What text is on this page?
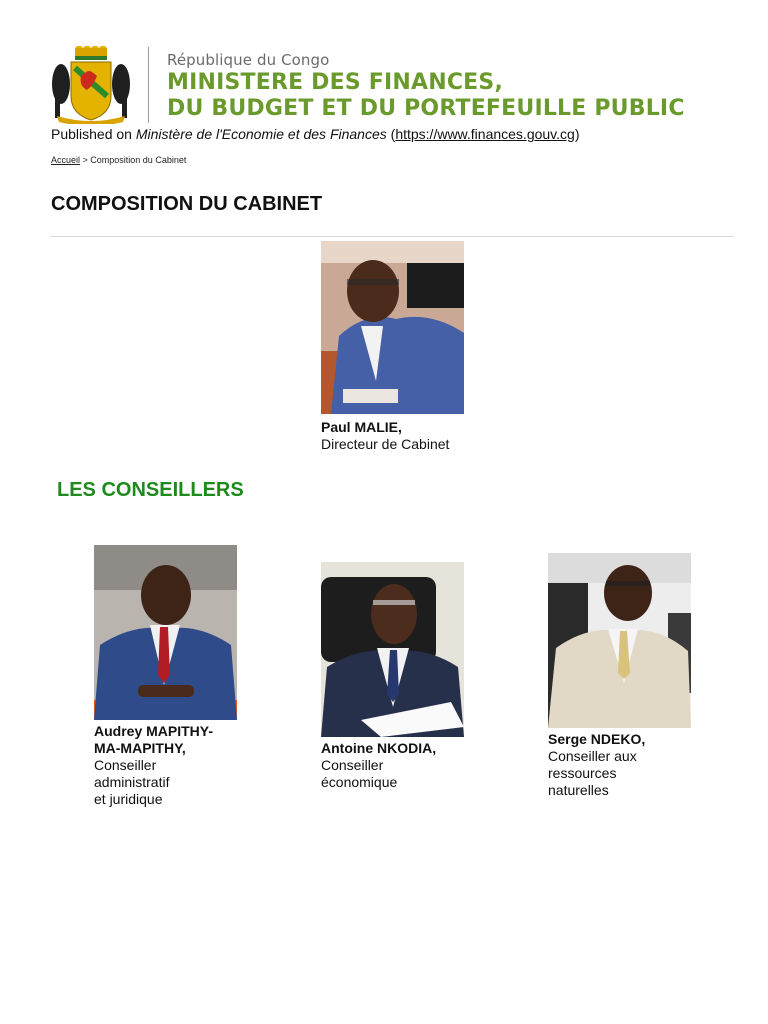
République du Congo
MINISTERE DES FINANCES,
DU BUDGET ET DU PORTEFEUILLE PUBLIC
Published on Ministère de l'Economie et des Finances (https://www.finances.gouv.cg)
Accueil > Composition du Cabinet
COMPOSITION DU CABINET
Paul MALIE,
Directeur de Cabinet
LES CONSEILLERS
Audrey MAPITHY-
MA-MAPITHY,
Conseiller
administratif
et juridique
Antoine NKODIA,
Conseiller
économique
Serge NDEKO,
Conseiller aux
ressources
naturelles
